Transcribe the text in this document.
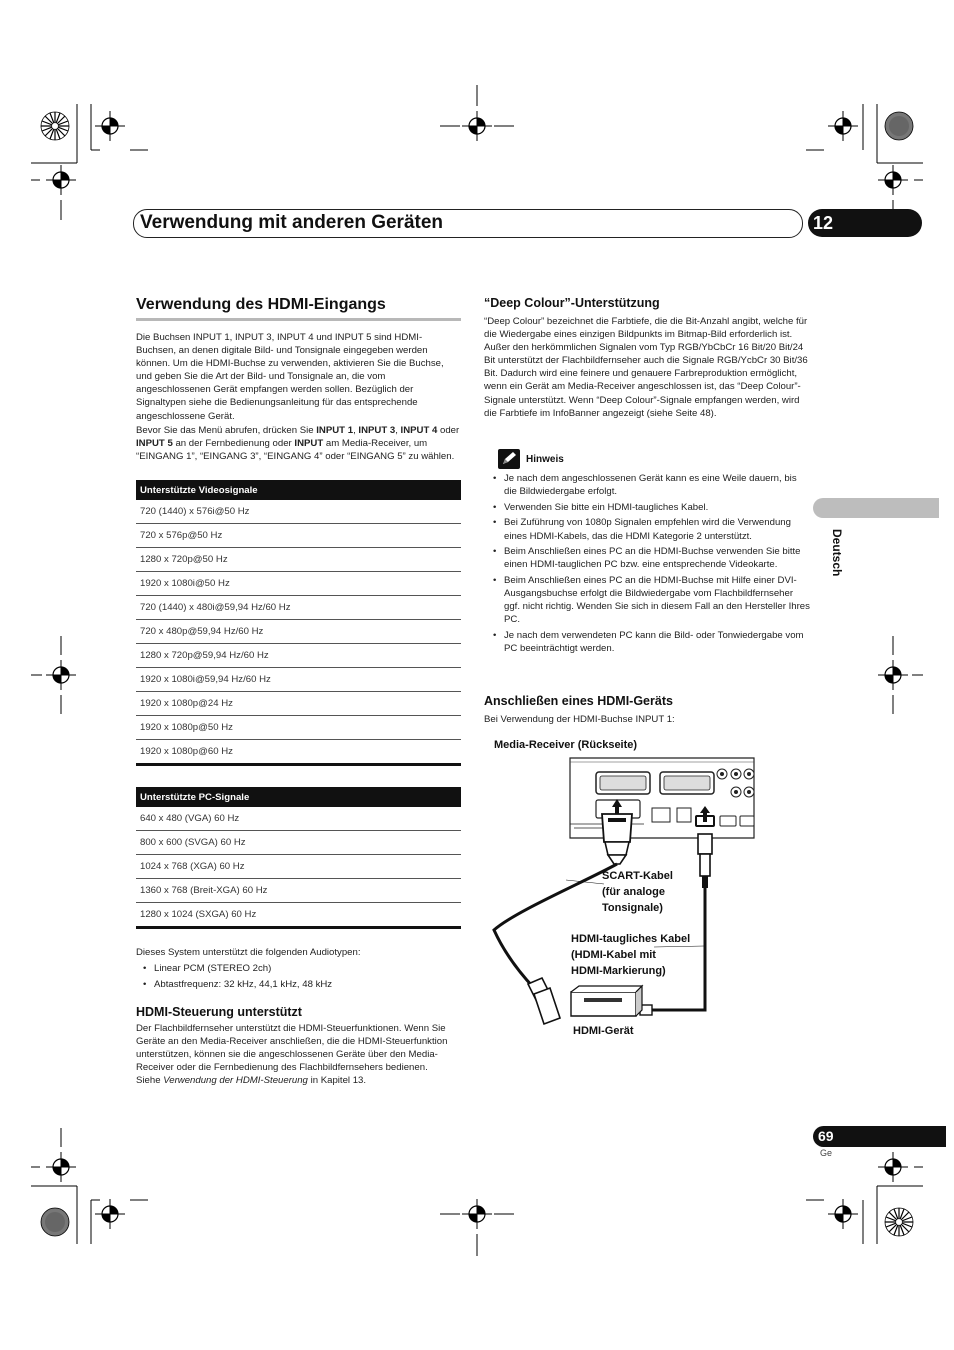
Verwendung mit anderen Geräten	12
Deutsch
Verwendung des HDMI-Eingangs

Die Buchsen INPUT 1, INPUT 3, INPUT 4 und INPUT 5 sind HDMI-Buchsen, an denen digitale Bild- und Tonsignale eingegeben werden können. Um die HDMI-Buchse zu verwenden, aktivieren Sie die Buchse, und geben Sie die Art der Bild- und Tonsignale an, die vom angeschlossenen Gerät empfangen werden sollen. Bezüglich der Signaltypen siehe die Bedienungsanleitung für das entsprechende angeschlossene Gerät.

Bevor Sie das Menü abrufen, drücken Sie INPUT 1, INPUT 3, INPUT 4 oder INPUT 5 an der Fernbedienung oder INPUT am Media-Receiver, um “EINGANG 1”, “EINGANG 3”, “EINGANG 4” oder “EINGANG 5” zu wählen.

Unterstützte Videosignale
720 (1440) x 576i@50 Hz
720 x 576p@50 Hz
1280 x 720p@50 Hz
1920 x 1080i@50 Hz
720 (1440) x 480i@59,94 Hz/60 Hz
720 x 480p@59,94 Hz/60 Hz
1280 x 720p@59,94 Hz/60 Hz
1920 x 1080i@59,94 Hz/60 Hz
1920 x 1080p@24 Hz
1920 x 1080p@50 Hz
1920 x 1080p@60 Hz
Unterstützte PC-Signale
640 x 480 (VGA) 60 Hz
800 x 600 (SVGA) 60 Hz
1024 x 768 (XGA) 60 Hz
1360 x 768 (Breit-XGA) 60 Hz
1280 x 1024 (SXGA) 60 Hz

Dieses System unterstützt die folgenden Audiotypen:

• Linear PCM (STEREO 2ch)
• Abtastfrequenz: 32 kHz, 44,1 kHz, 48 kHz
HDMI-Steuerung unterstützt

Der Flachbildfernseher unterstützt die HDMI-Steuerfunktionen. Wenn Sie Geräte an den Media-Receiver anschließen, die die HDMI-Steuerfunktion unterstützen, können sie die angeschlossenen Geräte über den Media-Receiver oder die Fernbedienung des Flachbildfernsehers bedienen. Siehe Verwendung der HDMI-Steuerung in Kapitel 13.

“Deep Colour”-Unterstützung

“Deep Colour” bezeichnet die Farbtiefe, die die Bit-Anzahl angibt, welche für die Wiedergabe eines einzigen Bildpunkts im Bitmap-Bild erforderlich ist. Außer den herkömmlichen Signalen vom Typ RGB/YbCbCr 16 Bit/20 Bit/24 Bit unterstützt der Flachbildfernseher auch die Signale RGB/YcbCr 30 Bit/36 Bit. Dadurch wird eine feinere und genauere Farbreproduktion ermöglicht, wenn ein Gerät am Media-Receiver angeschlossen ist, das “Deep Colour”-Signale unterstützt. Wenn “Deep Colour”-Signale empfangen werden, wird die Farbtiefe im InfoBanner angezeigt (siehe Seite 48).

Hinweis
• Je nach dem angeschlossenen Gerät kann es eine Weile dauern, bis die Bildwiedergabe erfolgt.
• Verwenden Sie bitte ein HDMI-taugliches Kabel.
• Bei Zuführung von 1080p Signalen empfehlen wird die Verwendung eines HDMI-Kabels, das die HDMI Kategorie 2 unterstützt.
• Beim Anschließen eines PC an die HDMI-Buchse verwenden Sie bitte einen HDMI-tauglichen PC bzw. eine entsprechende Videokarte.
• Beim Anschließen eines PC an die HDMI-Buchse mit Hilfe einer DVI-Ausgangsbuchse erfolgt die Bildwiedergabe vom Flachbildfernseher ggf. nicht richtig. Wenden Sie sich in diesem Fall an den Hersteller Ihres PC.
• Je nach dem verwendeten PC kann die Bild- oder Tonwiedergabe vom PC beeinträchtigt werden.
Anschließen eines HDMI-Geräts

Bei Verwendung der HDMI-Buchse INPUT 1:

Media-Receiver (Rückseite)
SCART-Kabel
(für analoge
Tonsignale)
HDMI-taugliches Kabel
(HDMI-Kabel mit
HDMI-Markierung)
HDMI-Gerät
69
Ge
